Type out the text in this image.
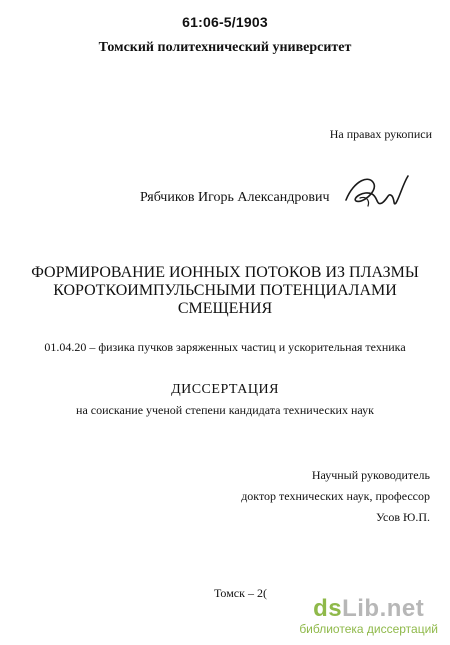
61:06-5/1903
Томский политехнический университет
На правах рукописи
Рябчиков Игорь Александрович
ФОРМИРОВАНИЕ ИОННЫХ ПОТОКОВ ИЗ ПЛАЗМЫ
КОРОТКОИМПУЛЬСНЫМИ ПОТЕНЦИАЛАМИ
СМЕЩЕНИЯ
01.04.20 – физика пучков заряженных частиц и ускорительная техника
ДИССЕРТАЦИЯ
на соискание ученой степени кандидата технических наук
Научный руководитель
доктор технических наук, профессор
Усов Ю.П.
Томск – 2(
dsLib.net
библиотека диссертаций
